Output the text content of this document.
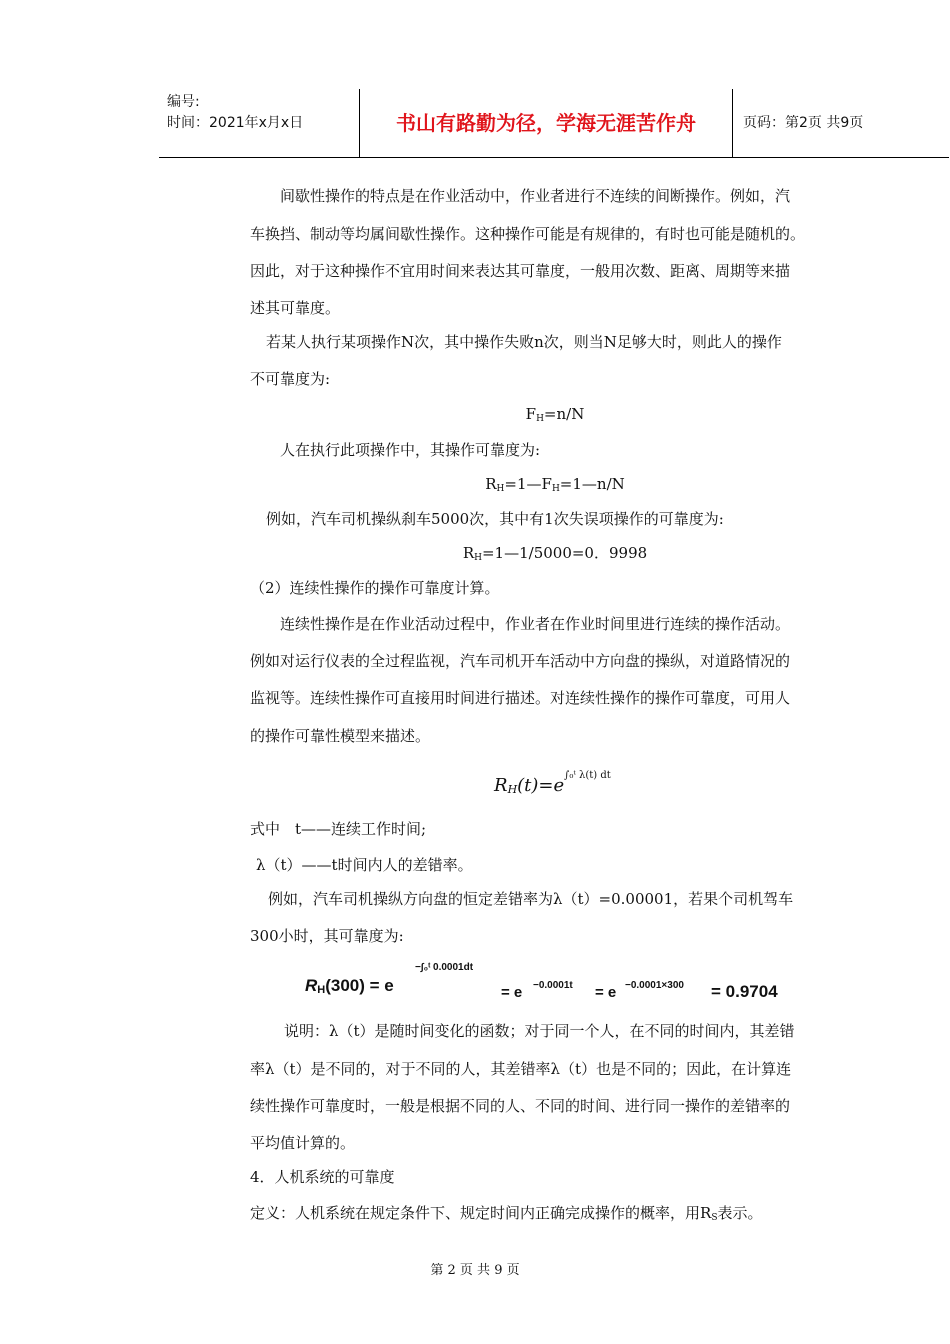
编号:
时间：2021年x月x日	书山有路勤为径，学海无涯苦作舟	页码：第2页 共9页
间歇性操作的特点是在作业活动中，作业者进行不连续的间断操作。例如，汽
车换挡、制动等均属间歇性操作。这种操作可能是有规律的，有时也可能是随机的。
因此，对于这种操作不宜用时间来表达其可靠度，一般用次数、距离、周期等来描
述其可靠度。
若某人执行某项操作N次，其中操作失败n次，则当N足够大时，则此人的操作
不可靠度为:
$F_H=n/N$
人在执行此项操作中，其操作可靠度为:
$R_H=1—F_H=1—n/N$
例如，汽车司机操纵刹车5000次，其中有1次失误项操作的可靠度为:
$R_H=1—1/5000=0$．9998
（2）连续性操作的操作可靠度计算。
连续性操作是在作业活动过程中，作业者在作业时间里进行连续的操作活动。
例如对运行仪表的全过程监视，汽车司机开车活动中方向盘的操纵，对道路情况的
监视等。连续性操作可直接用时间进行描述。对连续性操作的操作可靠度，可用人
的操作可靠性模型来描述。
$R_H(t)=e^{\int_0ᵗ \lambda(t) dt}$
式中　t——连续工作时间;
λ（t）——t时间内人的差错率。
例如，汽车司机操纵方向盘的恒定差错率为λ（t）=0.00001，若果个司机驾车
300小时，其可靠度为:
$R_H(300) = e$
−∫₀ᵗ 0.0001dt
= e −0.0001t = e −0.0001×300 = 0.9704
说明：λ（t）是随时间变化的函数；对于同一个人，在不同的时间内，其差错
率λ（t）是不同的，对于不同的人，其差错率λ（t）也是不同的；因此，在计算连
续性操作可靠度时，一般是根据不同的人、不同的时间、进行同一操作的差错率的
平均值计算的。
4．人机系统的可靠度
定义：人机系统在规定条件下、规定时间内正确完成操作的概率，用$R_S$表示。
第 2 页 共 9 页
